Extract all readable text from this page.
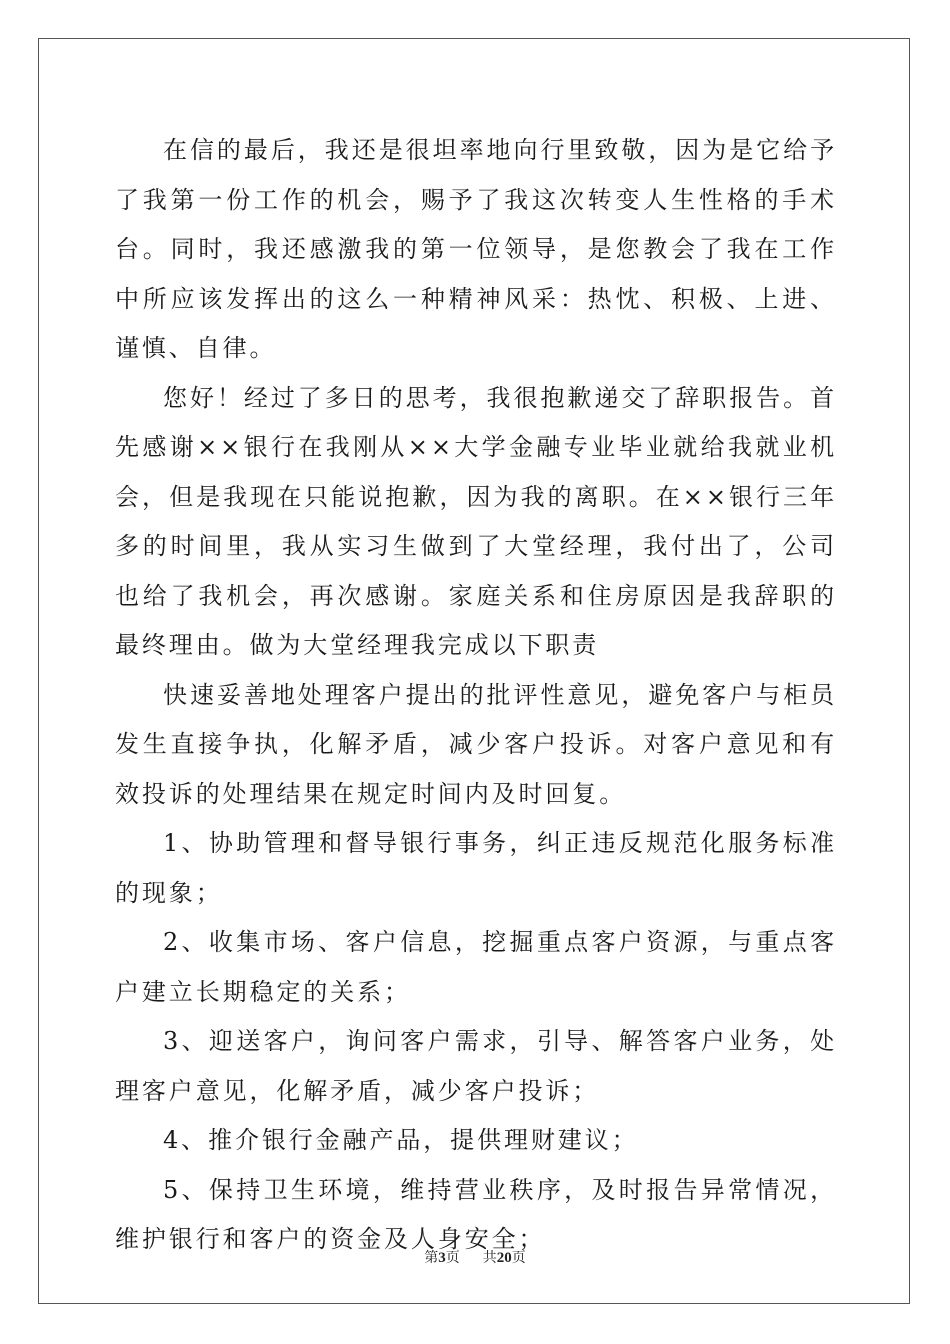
在信的最后，我还是很坦率地向行里致敬，因为是它给予了我第一份工作的机会，赐予了我这次转变人生性格的手术台。同时，我还感激我的第一位领导，是您教会了我在工作中所应该发挥出的这么一种精神风采：热忱、积极、上进、谨慎、自律。

您好！经过了多日的思考，我很抱歉递交了辞职报告。首先感谢××银行在我刚从××大学金融专业毕业就给我就业机会，但是我现在只能说抱歉，因为我的离职。在××银行三年多的时间里，我从实习生做到了大堂经理，我付出了，公司也给了我机会，再次感谢。家庭关系和住房原因是我辞职的最终理由。做为大堂经理我完成以下职责

快速妥善地处理客户提出的批评性意见，避免客户与柜员发生直接争执，化解矛盾，减少客户投诉。对客户意见和有效投诉的处理结果在规定时间内及时回复。

1、协助管理和督导银行事务，纠正违反规范化服务标准的现象；

2、收集市场、客户信息，挖掘重点客户资源，与重点客户建立长期稳定的关系；

3、迎送客户，询问客户需求，引导、解答客户业务，处理客户意见，化解矛盾，减少客户投诉；

4、推介银行金融产品，提供理财建议；

5、保持卫生环境，维持营业秩序，及时报告异常情况，维护银行和客户的资金及人身安全；

第3页 共20页
